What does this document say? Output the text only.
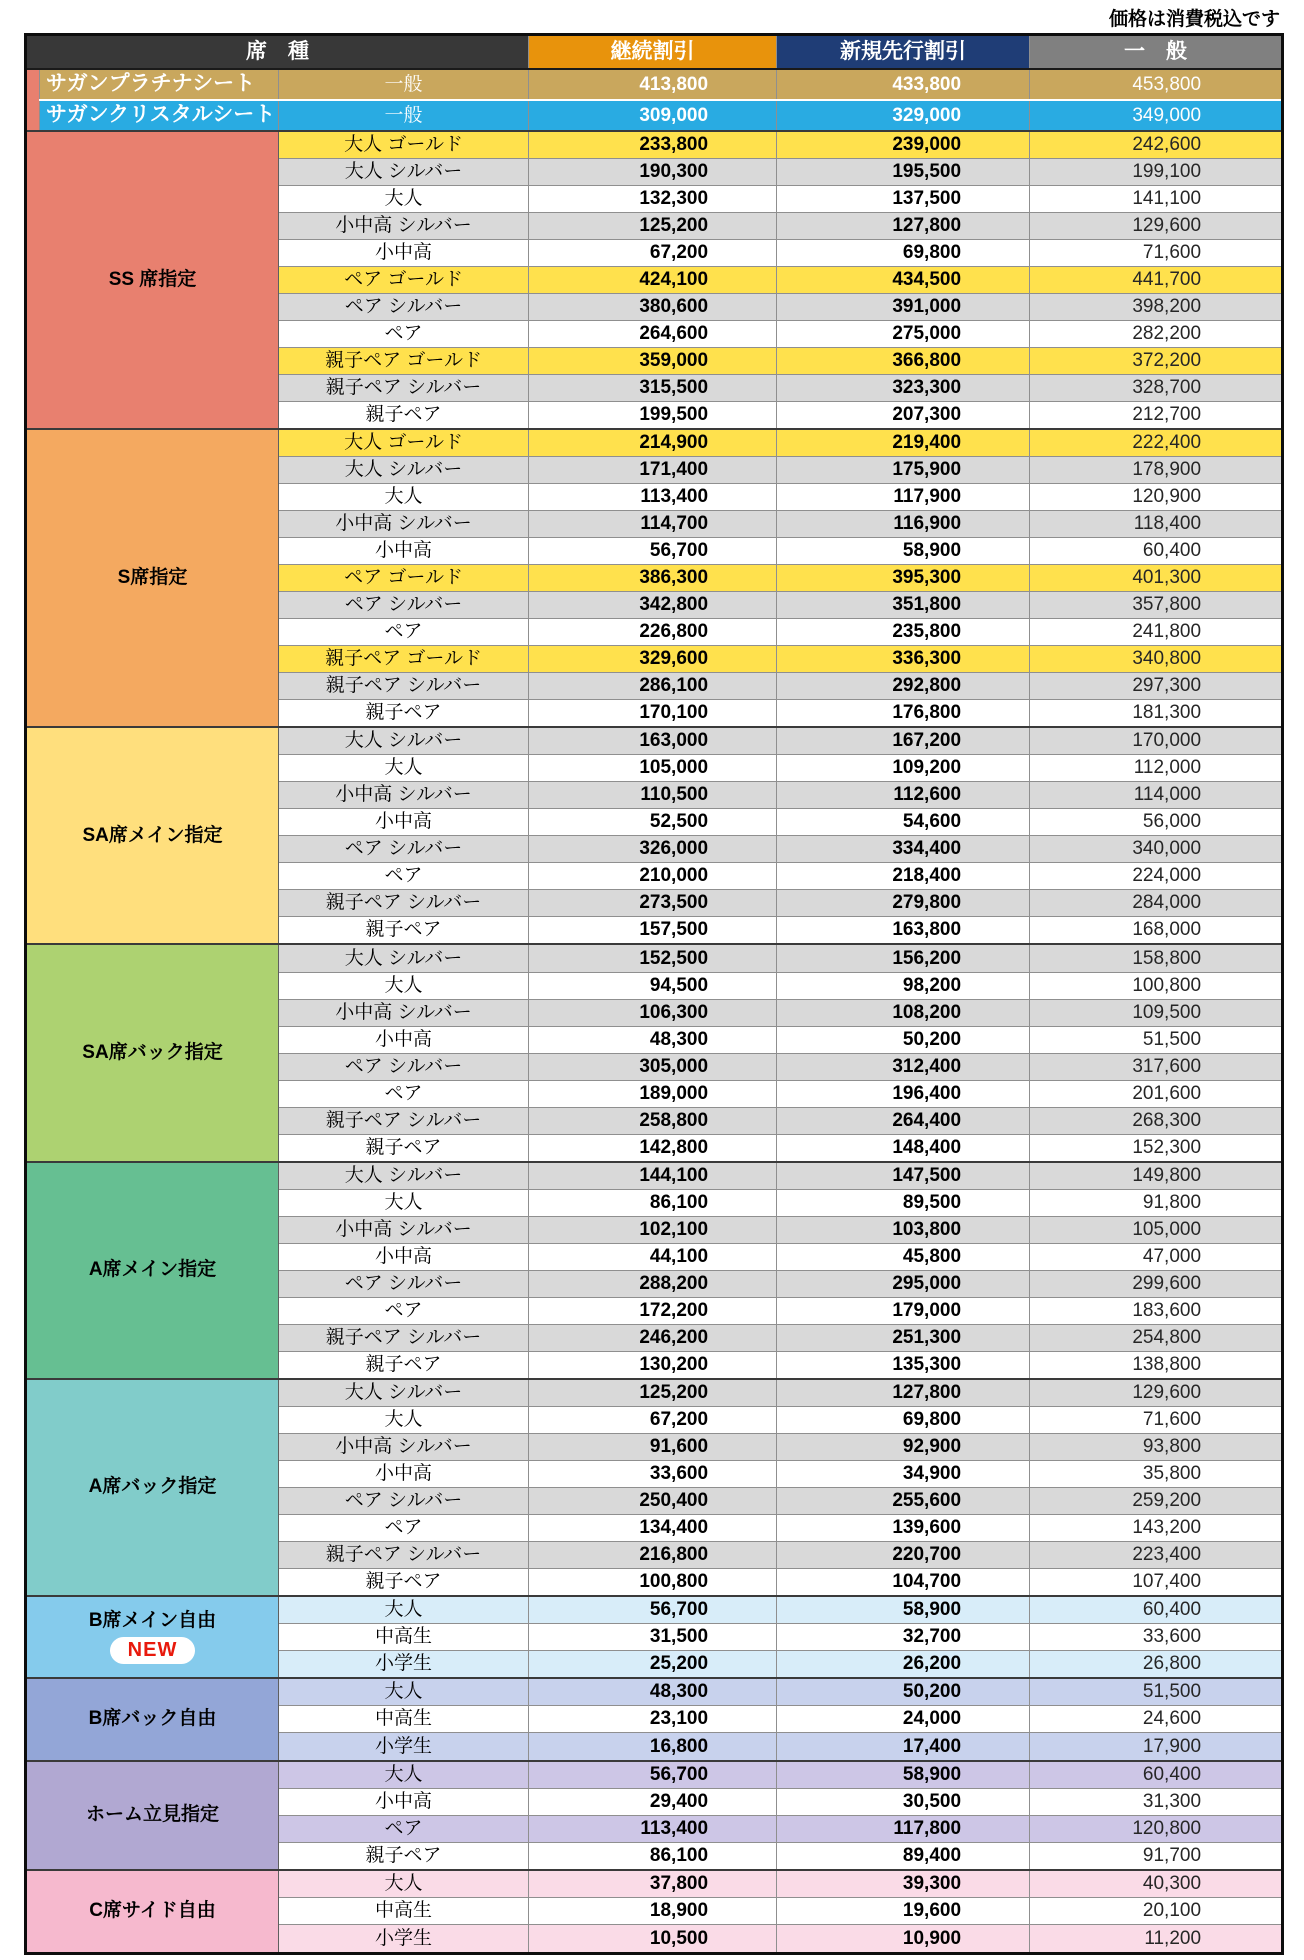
価格は消費税込です
席　種			継続割引	新規先行割引	一　般
	サガンプラチナシート	一般	413,800	433,800	453,800
	サガンクリスタルシート	一般	309,000	329,000	349,000

SS 席指定		大人 ゴールド	233,800	239,000	242,600
		大人 シルバー	190,300	195,500	199,100
		大人	132,300	137,500	141,100
		小中高 シルバー	125,200	127,800	129,600
		小中高	67,200	69,800	71,600
		ペア ゴールド	424,100	434,500	441,700
		ペア シルバー	380,600	391,000	398,200
		ペア	264,600	275,000	282,200
		親子ペア ゴールド	359,000	366,800	372,200
		親子ペア シルバー	315,500	323,300	328,700
		親子ペア	199,500	207,300	212,700

S席指定		大人 ゴールド	214,900	219,400	222,400
		大人 シルバー	171,400	175,900	178,900
		大人	113,400	117,900	120,900
		小中高 シルバー	114,700	116,900	118,400
		小中高	56,700	58,900	60,400
		ペア ゴールド	386,300	395,300	401,300
		ペア シルバー	342,800	351,800	357,800
		ペア	226,800	235,800	241,800
		親子ペア ゴールド	329,600	336,300	340,800
		親子ペア シルバー	286,100	292,800	297,300
		親子ペア	170,100	176,800	181,300

SA席メイン指定		大人 シルバー	163,000	167,200	170,000
		大人	105,000	109,200	112,000
		小中高 シルバー	110,500	112,600	114,000
		小中高	52,500	54,600	56,000
		ペア シルバー	326,000	334,400	340,000
		ペア	210,000	218,400	224,000
		親子ペア シルバー	273,500	279,800	284,000
		親子ペア	157,500	163,800	168,000

SA席バック指定		大人 シルバー	152,500	156,200	158,800
		大人	94,500	98,200	100,800
		小中高 シルバー	106,300	108,200	109,500
		小中高	48,300	50,200	51,500
		ペア シルバー	305,000	312,400	317,600
		ペア	189,000	196,400	201,600
		親子ペア シルバー	258,800	264,400	268,300
		親子ペア	142,800	148,400	152,300

A席メイン指定		大人 シルバー	144,100	147,500	149,800
		大人	86,100	89,500	91,800
		小中高 シルバー	102,100	103,800	105,000
		小中高	44,100	45,800	47,000
		ペア シルバー	288,200	295,000	299,600
		ペア	172,200	179,000	183,600
		親子ペア シルバー	246,200	251,300	254,800
		親子ペア	130,200	135,300	138,800

A席バック指定		大人 シルバー	125,200	127,800	129,600
		大人	67,200	69,800	71,600
		小中高 シルバー	91,600	92,900	93,800
		小中高	33,600	34,900	35,800
		ペア シルバー	250,400	255,600	259,200
		ペア	134,400	139,600	143,200
		親子ペア シルバー	216,800	220,700	223,400
		親子ペア	100,800	104,700	107,400

B席メイン自由
NEW		大人	56,700	58,900	60,400
		中高生	31,500	32,700	33,600
		小学生	25,200	26,200	26,800

B席バック自由		大人	48,300	50,200	51,500
		中高生	23,100	24,000	24,600
		小学生	16,800	17,400	17,900

ホーム立見指定		大人	56,700	58,900	60,400
		小中高	29,400	30,500	31,300
		ペア	113,400	117,800	120,800
		親子ペア	86,100	89,400	91,700

C席サイド自由		大人	37,800	39,300	40,300
		中高生	18,900	19,600	20,100
		小学生	10,500	10,900	11,200
